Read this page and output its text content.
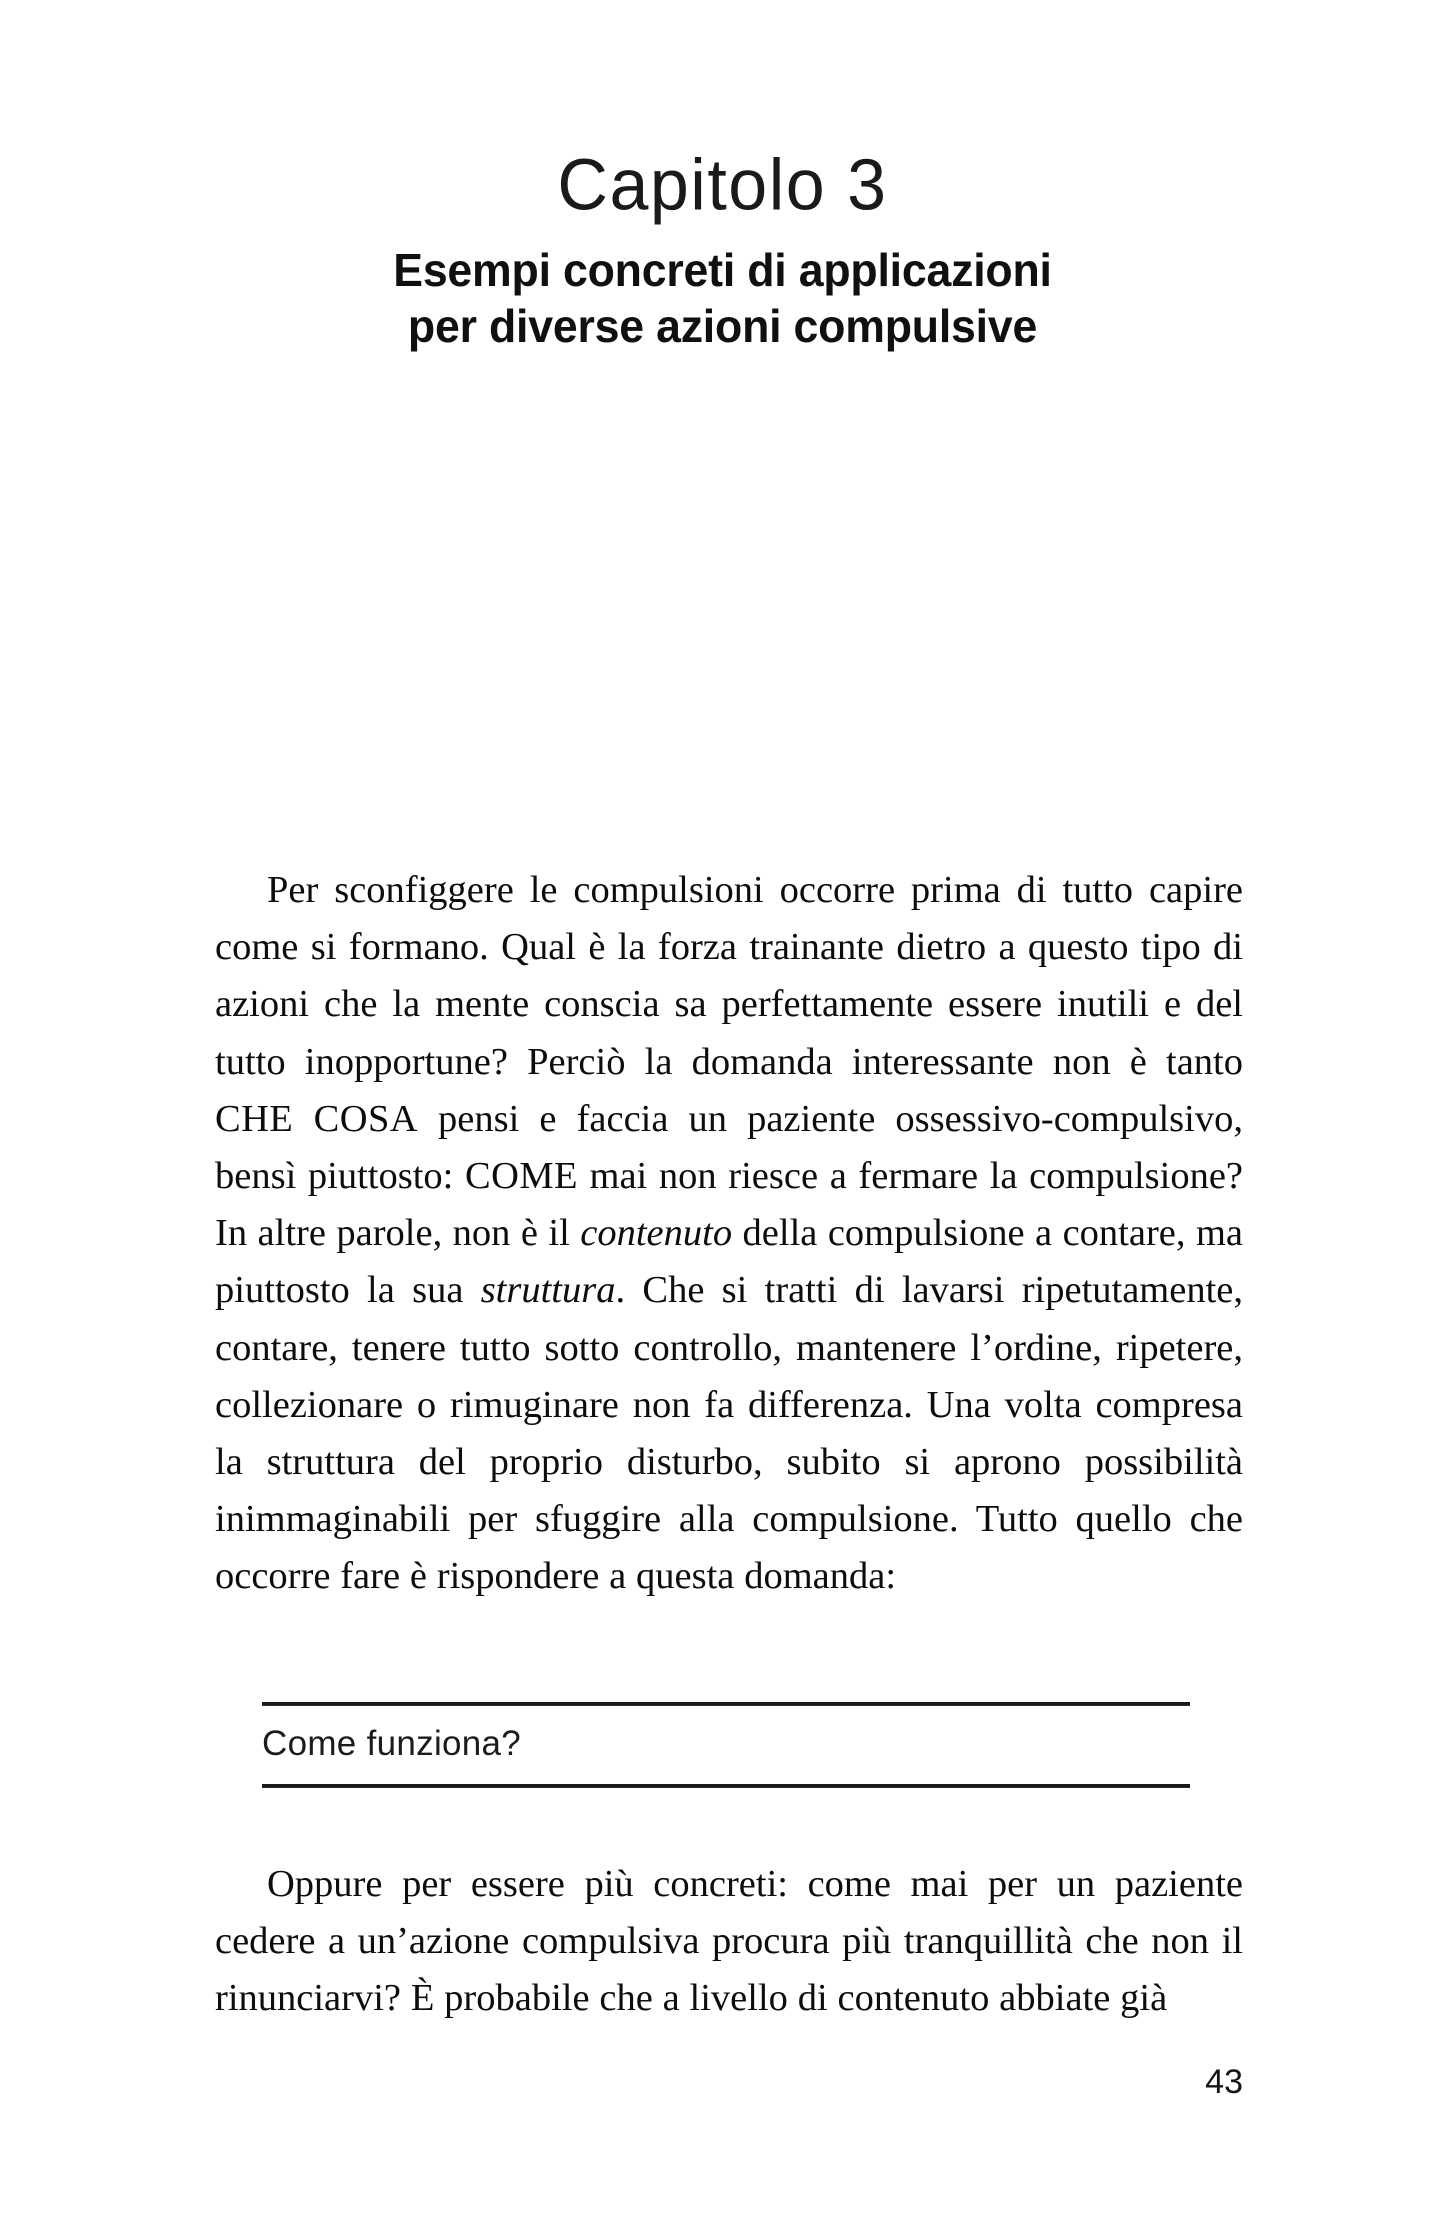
Capitolo 3
Esempi concreti di applicazioni
per diverse azioni compulsive

Per sconfiggere le compulsioni occorre prima di tutto capire come si formano. Qual è la forza trainante dietro a questo tipo di azioni che la mente conscia sa perfettamente essere inutili e del tutto inopportune? Perciò la domanda interessante non è tanto CHE COSA pensi e faccia un paziente ossessivo-compulsivo, bensì piuttosto: COME mai non riesce a fermare la compulsione? In altre parole, non è il contenuto della compulsione a contare, ma piuttosto la sua struttura. Che si tratti di lavarsi ripetutamente, contare, tenere tutto sotto controllo, mantenere l’ordine, ripetere, collezionare o rimuginare non fa differenza. Una volta compresa la struttura del proprio disturbo, subito si aprono possibilità inimmaginabili per sfuggire alla compulsione. Tutto quello che occorre fare è rispondere a questa domanda:

Come funziona?

Oppure per essere più concreti: come mai per un paziente cedere a un’azione compulsiva procura più tranquillità che non il rinunciarvi? È probabile che a livello di contenuto abbiate già

43
